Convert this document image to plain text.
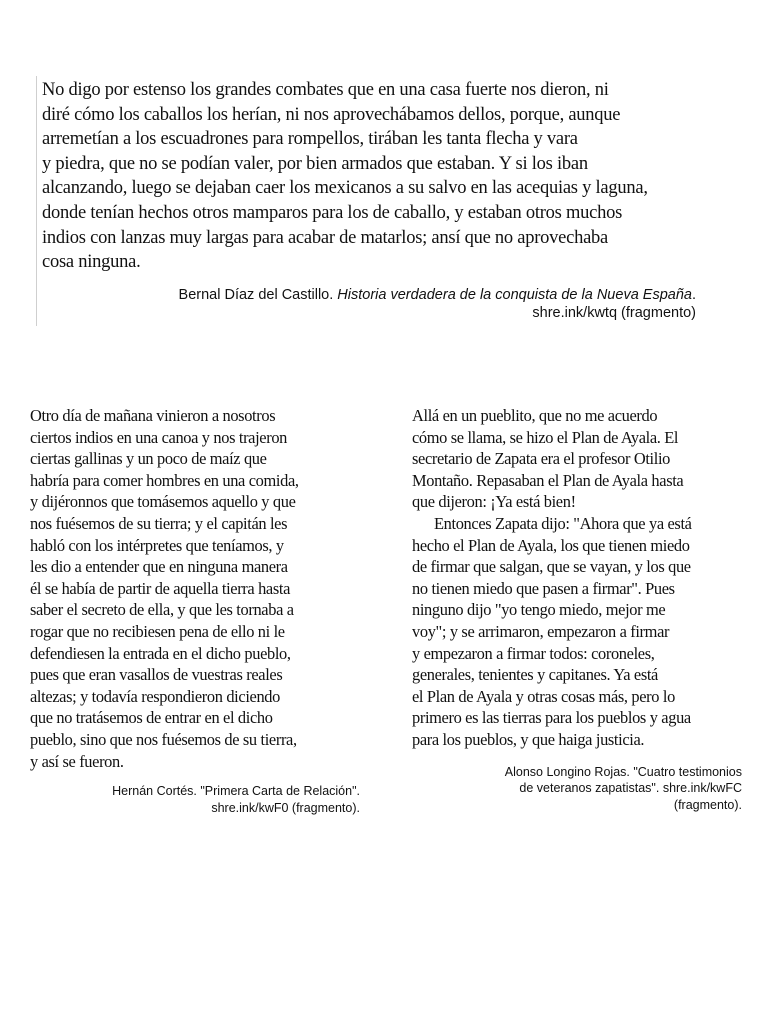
No digo por estenso los grandes combates que en una casa fuerte nos dieron, ni
diré cómo los caballos los herían, ni nos aprovechábamos dellos, porque, aunque
arremetían a los escuadrones para rompellos, tirában les tanta flecha y vara
y piedra, que no se podían valer, por bien armados que estaban. Y si los iban
alcanzando, luego se dejaban caer los mexicanos a su salvo en las acequias y laguna,
donde tenían hechos otros mamparos para los de caballo, y estaban otros muchos
indios con lanzas muy largas para acabar de matarlos; ansí que no aprovechaba
cosa ninguna.
Bernal Díaz del Castillo. Historia verdadera de la conquista de la Nueva España.
shre.ink/kwtq (fragmento)
Otro día de mañana vinieron a nosotros
ciertos indios en una canoa y nos trajeron
ciertas gallinas y un poco de maíz que
habría para comer hombres en una comida,
y dijéronnos que tomásemos aquello y que
nos fuésemos de su tierra; y el capitán les
habló con los intérpretes que teníamos, y
les dio a entender que en ninguna manera
él se había de partir de aquella tierra hasta
saber el secreto de ella, y que les tornaba a
rogar que no recibiesen pena de ello ni le
defendiesen la entrada en el dicho pueblo,
pues que eran vasallos de vuestras reales
altezas; y todavía respondieron diciendo
que no tratásemos de entrar en el dicho
pueblo, sino que nos fuésemos de su tierra,
y así se fueron.
Hernán Cortés. "Primera Carta de Relación".
shre.ink/kwF0 (fragmento).
Allá en un pueblito, que no me acuerdo
cómo se llama, se hizo el Plan de Ayala. El
secretario de Zapata era el profesor Otilio
Montaño. Repasaban el Plan de Ayala hasta
que dijeron: ¡Ya está bien!
Entonces Zapata dijo: "Ahora que ya está
hecho el Plan de Ayala, los que tienen miedo
de firmar que salgan, que se vayan, y los que
no tienen miedo que pasen a firmar". Pues
ninguno dijo "yo tengo miedo, mejor me
voy"; y se arrimaron, empezaron a firmar
y empezaron a firmar todos: coroneles,
generales, tenientes y capitanes. Ya está
el Plan de Ayala y otras cosas más, pero lo
primero es las tierras para los pueblos y agua
para los pueblos, y que haiga justicia.
Alonso Longino Rojas. "Cuatro testimonios
de veteranos zapatistas". shre.ink/kwFC
(fragmento).
